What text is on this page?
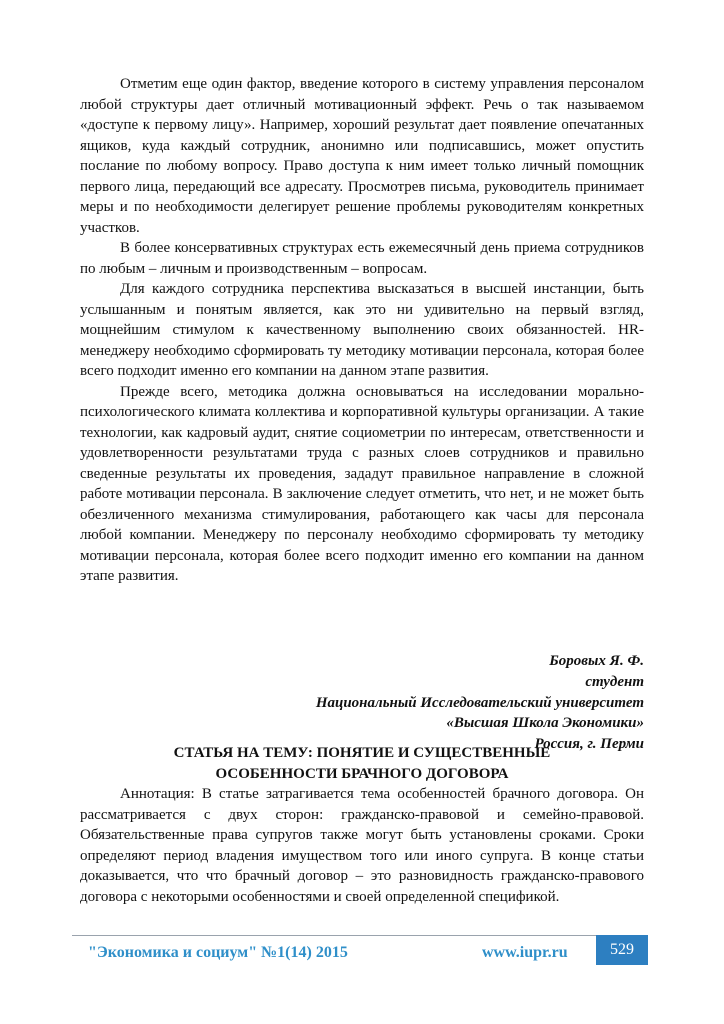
Отметим еще один фактор, введение которого в систему управления персоналом любой структуры дает отличный мотивационный эффект. Речь о так называемом «доступе к первому лицу». Например, хороший результат дает появление опечатанных ящиков, куда каждый сотрудник, анонимно или подписавшись, может опустить послание по любому вопросу. Право доступа к ним имеет только личный помощник первого лица, передающий все адресату. Просмотрев письма, руководитель принимает меры и по необходимости делегирует решение проблемы руководителям конкретных участков.

В более консервативных структурах есть ежемесячный день приема сотрудников по любым – личным и производственным – вопросам.

Для каждого сотрудника перспектива высказаться в высшей инстанции, быть услышанным и понятым является, как это ни удивительно на первый взгляд, мощнейшим стимулом к качественному выполнению своих обязанностей. HR-менеджеру необходимо сформировать ту методику мотивации персонала, которая более всего подходит именно его компании на данном этапе развития.

Прежде всего, методика должна основываться на исследовании морально-психологического климата коллектива и корпоративной культуры организации. А такие технологии, как кадровый аудит, снятие социометрии по интересам, ответственности и удовлетворенности результатами труда с разных слоев сотрудников и правильно сведенные результаты их проведения, зададут правильное направление в сложной работе мотивации персонала. В заключение следует отметить, что нет, и не может быть обезличенного механизма стимулирования, работающего как часы для персонала любой компании. Менеджеру по персоналу необходимо сформировать ту методику мотивации персонала, которая более всего подходит именно его компании на данном этапе развития.

Боровых Я. Ф.
студент
Национальный Исследовательский университет
«Высшая Школа Экономики»
Россия, г. Перми
СТАТЬЯ НА ТЕМУ: ПОНЯТИЕ И СУЩЕСТВЕННЫЕ
ОСОБЕННОСТИ БРАЧНОГО ДОГОВОРА

Аннотация: В статье затрагивается тема особенностей брачного договора. Он рассматривается с двух сторон: гражданско-правовой и семейно-правовой. Обязательственные права супругов также могут быть установлены сроками. Сроки определяют период владения имуществом того или иного супруга. В конце статьи доказывается, что что брачный договор – это разновидность гражданско-правового договора с некоторыми особенностями и своей определенной спецификой.

"Экономика и социум" №1(14) 2015	www.iupr.ru	529
